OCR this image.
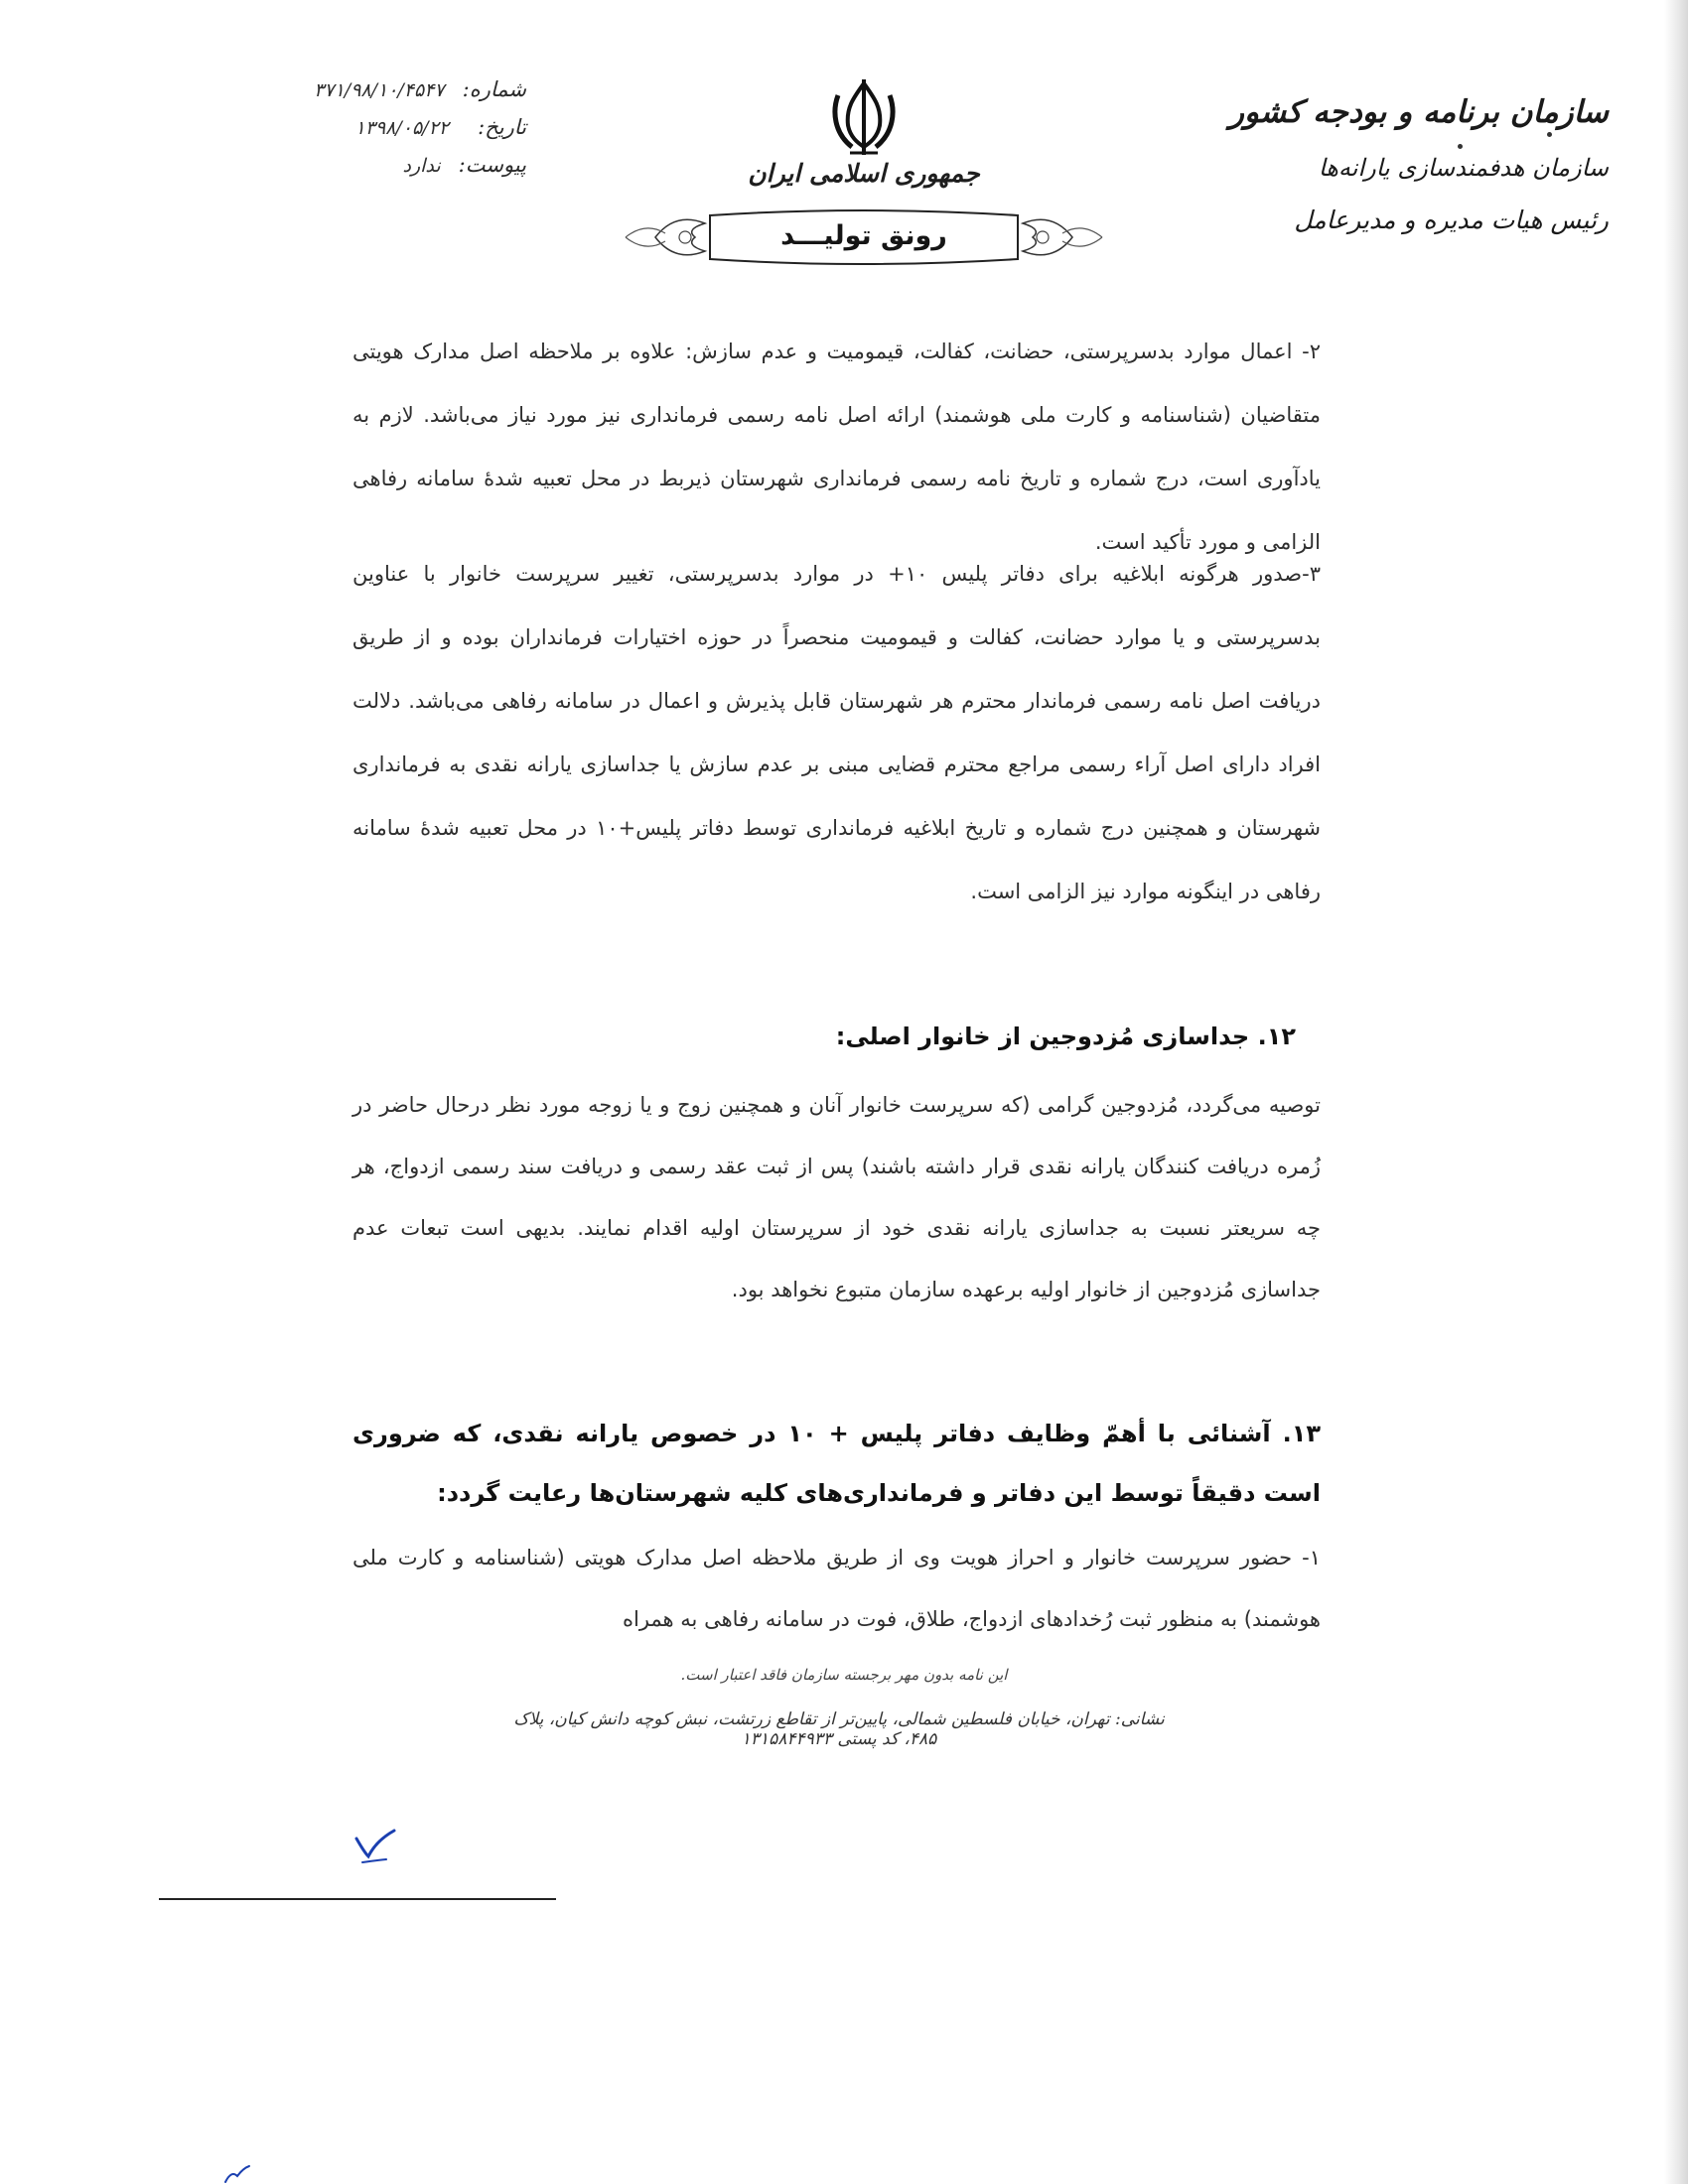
شماره:
۳۷۱/۹۸/۱۰/۴۵۴۷
تاریخ:
۱۳۹۸/۰۵/۲۲
پیوست:
ندارد	جمهوری اسلامی ایران
رونق تولیـــد
سازمان برنامه و بودجه کشور
سازمان هدفمندسازی یارانه‌ها
رئیس هیات مدیره و مدیرعامل

۲- اعمال موارد بدسرپرستی، حضانت، کفالت، قیمومیت و عدم سازش: علاوه بر ملاحظه اصل مدارک هویتی متقاضیان (شناسنامه و کارت ملی هوشمند) ارائه اصل نامه رسمی فرمانداری نیز مورد نیاز می‌باشد. لازم به یادآوری است، درج شماره و تاریخ نامه رسمی فرمانداری شهرستان ذیربط در محل تعبیه شدۀ سامانه رفاهی الزامی و مورد تأکید است.

۳-صدور هرگونه ابلاغیه برای دفاتر پلیس ۱۰+ در موارد بدسرپرستی، تغییر سرپرست خانوار با عناوین بدسرپرستی و یا موارد حضانت، کفالت و قیمومیت منحصراً در حوزه اختیارات فرمانداران بوده و از طریق دریافت اصل نامه رسمی فرماندار محترم هر شهرستان قابل پذیرش و اعمال در سامانه رفاهی می‌باشد. دلالت افراد دارای اصل آراء رسمی مراجع محترم قضایی مبنی بر عدم سازش یا جداسازی یارانه نقدی به فرمانداری شهرستان و همچنین درج شماره و تاریخ ابلاغیه فرمانداری توسط دفاتر پلیس+۱۰ در محل تعبیه شدۀ سامانه رفاهی در اینگونه موارد نیز الزامی است.

۱۲. جداسازی مُزدوجین از خانوار اصلی:

توصیه می‌گردد، مُزدوجین گرامی (که سرپرست خانوار آنان و همچنین زوج و یا زوجه مورد نظر درحال حاضر در زُمره دریافت کنندگان یارانه نقدی قرار داشته باشند) پس از ثبت عقد رسمی و دریافت سند رسمی ازدواج، هر چه سریعتر نسبت به جداسازی یارانه نقدی خود از سرپرستان اولیه اقدام نمایند. بدیهی است تبعات عدم جداسازی مُزدوجین از خانوار اولیه برعهده سازمان متبوع نخواهد بود.

۱۳. آشنائی با أهمّ وظایف دفاتر پلیس + ۱۰ در خصوص یارانه نقدی، که ضروری است دقیقاً توسط این دفاتر و فرمانداری‌های کلیه شهرستان‌ها رعایت گردد:

۱- حضور سرپرست خانوار و احراز هویت وی از طریق ملاحظه اصل مدارک هویتی (شناسنامه و کارت ملی هوشمند) به منظور ثبت رُخدادهای ازدواج، طلاق، فوت در سامانه رفاهی به همراه

این نامه بدون مهر برجسته سازمان فاقد اعتبار است.
نشانی: تهران، خیابان فلسطین شمالی، پایین‌تر از تقاطع زرتشت، نبش کوچه دانش کیان، پلاک ۴۸۵، کد پستی ۱۳۱۵۸۴۴۹۳۳
